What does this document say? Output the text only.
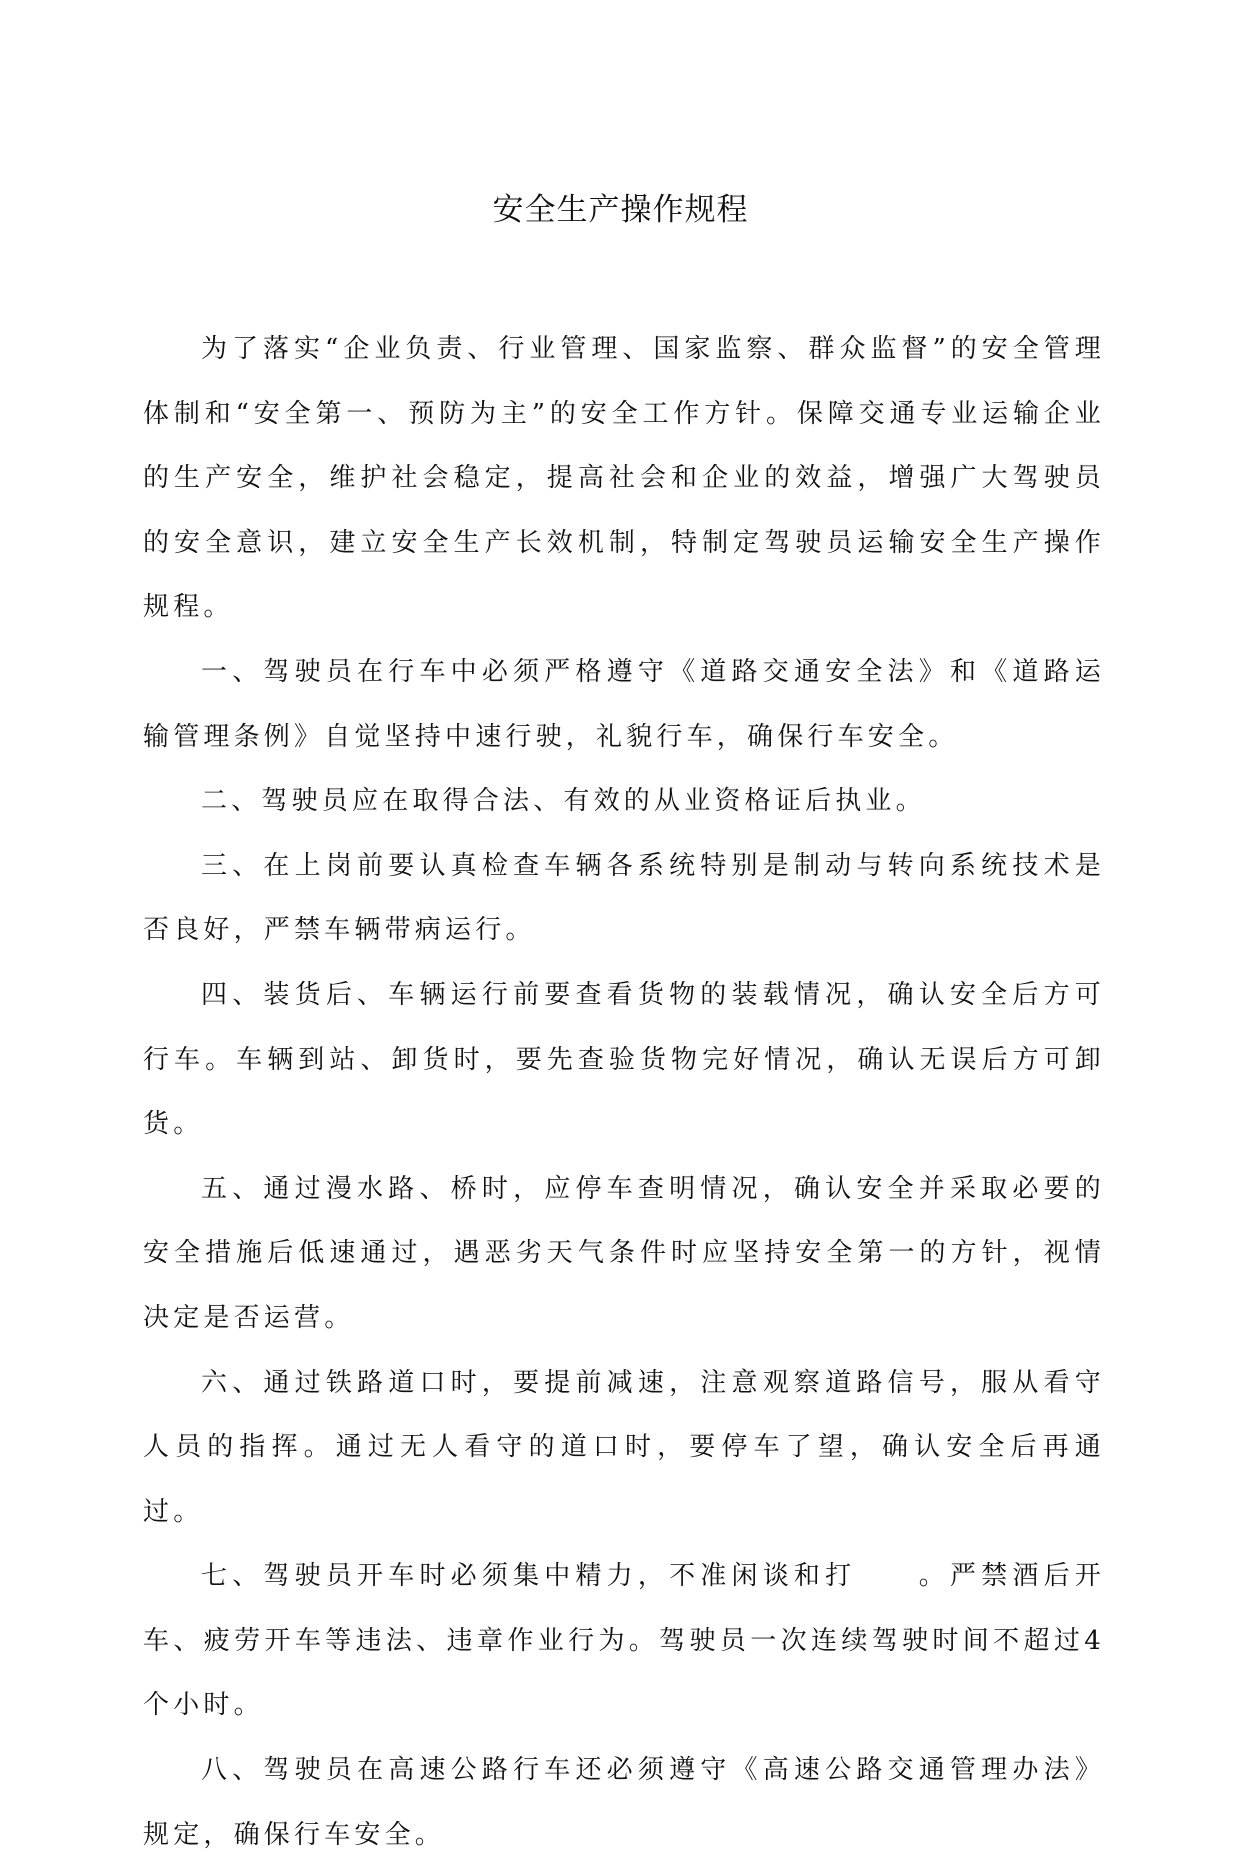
安全生产操作规程

为了落实“企业负责、行业管理、国家监察、群众监督”的安全管理体制和“安全第一、预防为主”的安全工作方针。保障交通专业运输企业的生产安全，维护社会稳定，提高社会和企业的效益，增强广大驾驶员的安全意识，建立安全生产长效机制，特制定驾驶员运输安全生产操作规程。

一、驾驶员在行车中必须严格遵守《道路交通安全法》和《道路运输管理条例》自觉坚持中速行驶，礼貌行车，确保行车安全。

二、驾驶员应在取得合法、有效的从业资格证后执业。

三、在上岗前要认真检查车辆各系统特别是制动与转向系统技术是否良好，严禁车辆带病运行。

四、装货后、车辆运行前要查看货物的装载情况，确认安全后方可行车。车辆到站、卸货时，要先查验货物完好情况，确认无误后方可卸货。

五、通过漫水路、桥时，应停车查明情况，确认安全并采取必要的安全措施后低速通过，遇恶劣天气条件时应坚持安全第一的方针，视情决定是否运营。

六、通过铁路道口时，要提前减速，注意观察道路信号，服从看守人员的指挥。通过无人看守的道口时，要停车了望，确认安全后再通过。

七、驾驶员开车时必须集中精力，不准闲谈和打　　。严禁酒后开车、疲劳开车等违法、违章作业行为。驾驶员一次连续驾驶时间不超过4个小时。

八、驾驶员在高速公路行车还必须遵守《高速公路交通管理办法》规定，确保行车安全。
